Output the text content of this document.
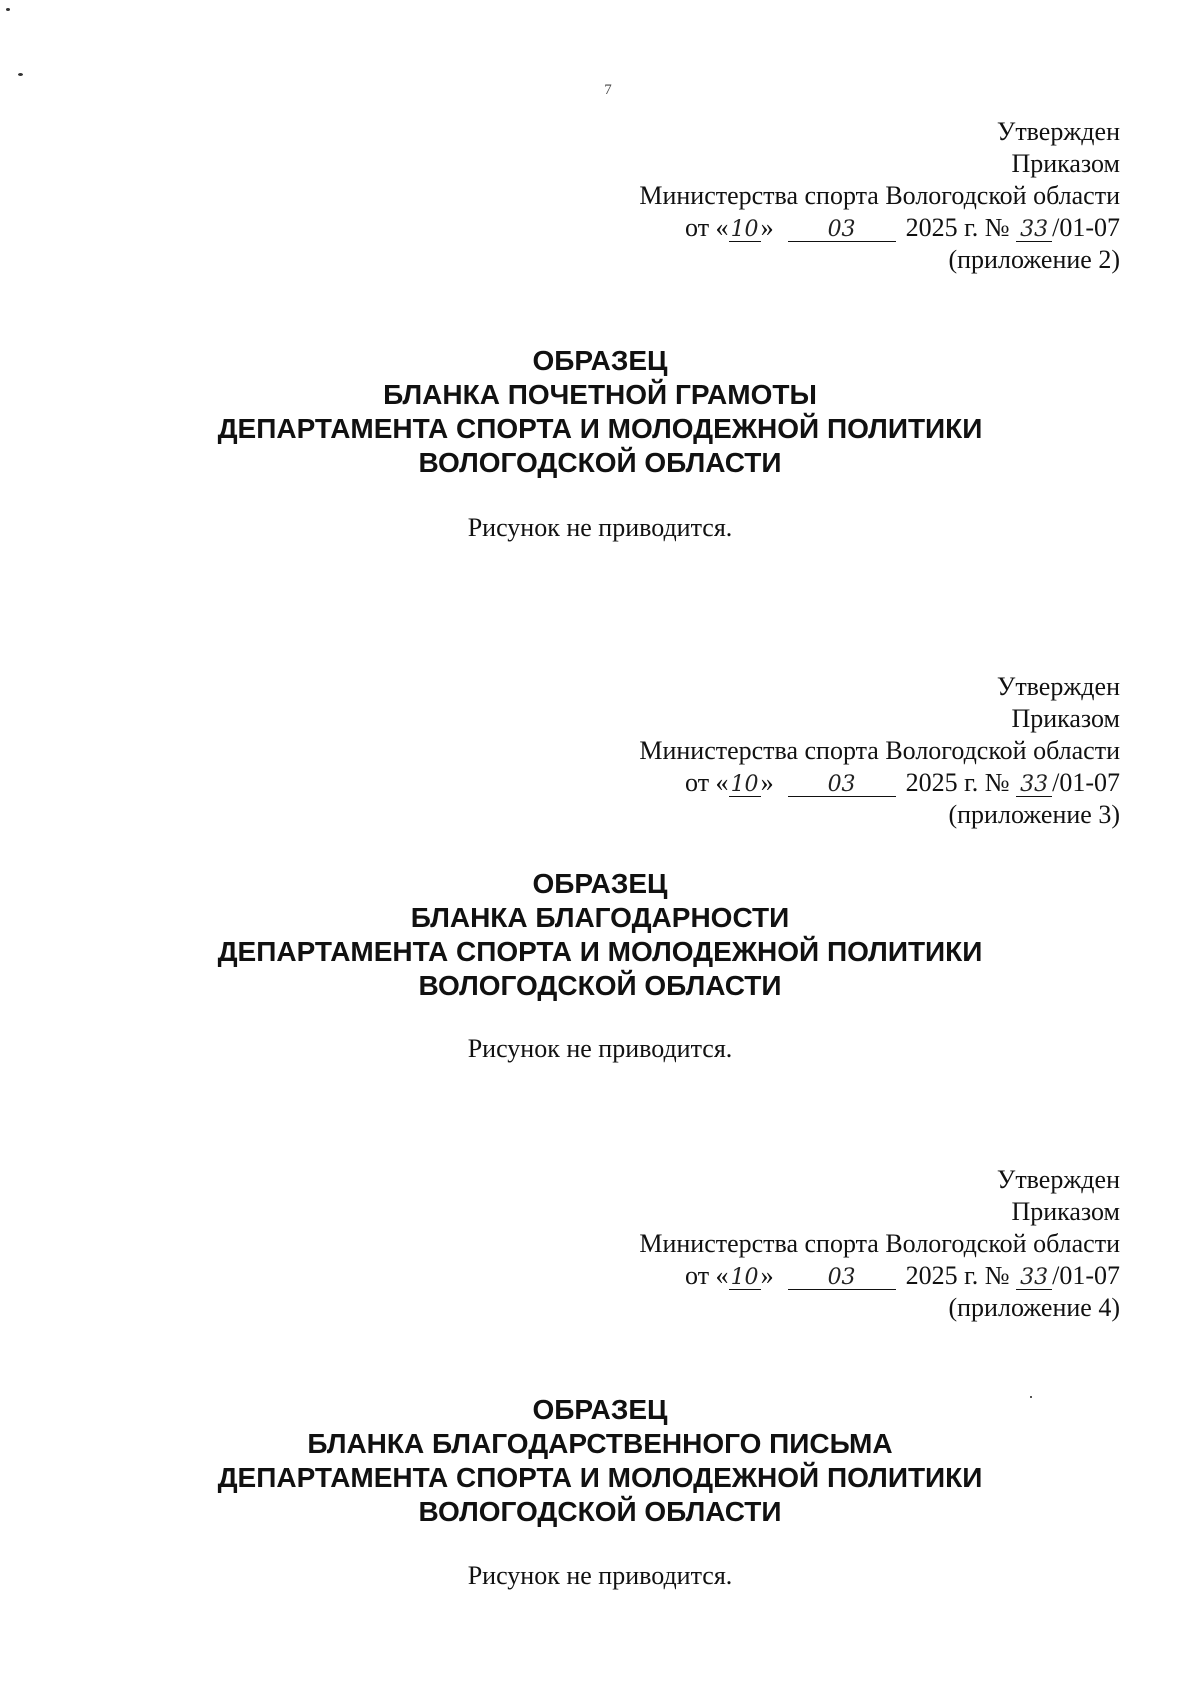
7
Утвержден
Приказом
Министерства спорта Вологодской области
от «10» 03 2025 г. № 33 /01-07
(приложение 2)
ОБРАЗЕЦ
БЛАНКА ПОЧЕТНОЙ ГРАМОТЫ
ДЕПАРТАМЕНТА СПОРТА И МОЛОДЕЖНОЙ ПОЛИТИКИ
ВОЛОГОДСКОЙ ОБЛАСТИ
Рисунок не приводится.
Утвержден
Приказом
Министерства спорта Вологодской области
от «10» 03 2025 г. № 33 /01-07
(приложение 3)
ОБРАЗЕЦ
БЛАНКА БЛАГОДАРНОСТИ
ДЕПАРТАМЕНТА СПОРТА И МОЛОДЕЖНОЙ ПОЛИТИКИ
ВОЛОГОДСКОЙ ОБЛАСТИ
Рисунок не приводится.
Утвержден
Приказом
Министерства спорта Вологодской области
от «10» 03 2025 г. № 33 /01-07
(приложение 4)
ОБРАЗЕЦ
БЛАНКА БЛАГОДАРСТВЕННОГО ПИСЬМА
ДЕПАРТАМЕНТА СПОРТА И МОЛОДЕЖНОЙ ПОЛИТИКИ
ВОЛОГОДСКОЙ ОБЛАСТИ
Рисунок не приводится.
